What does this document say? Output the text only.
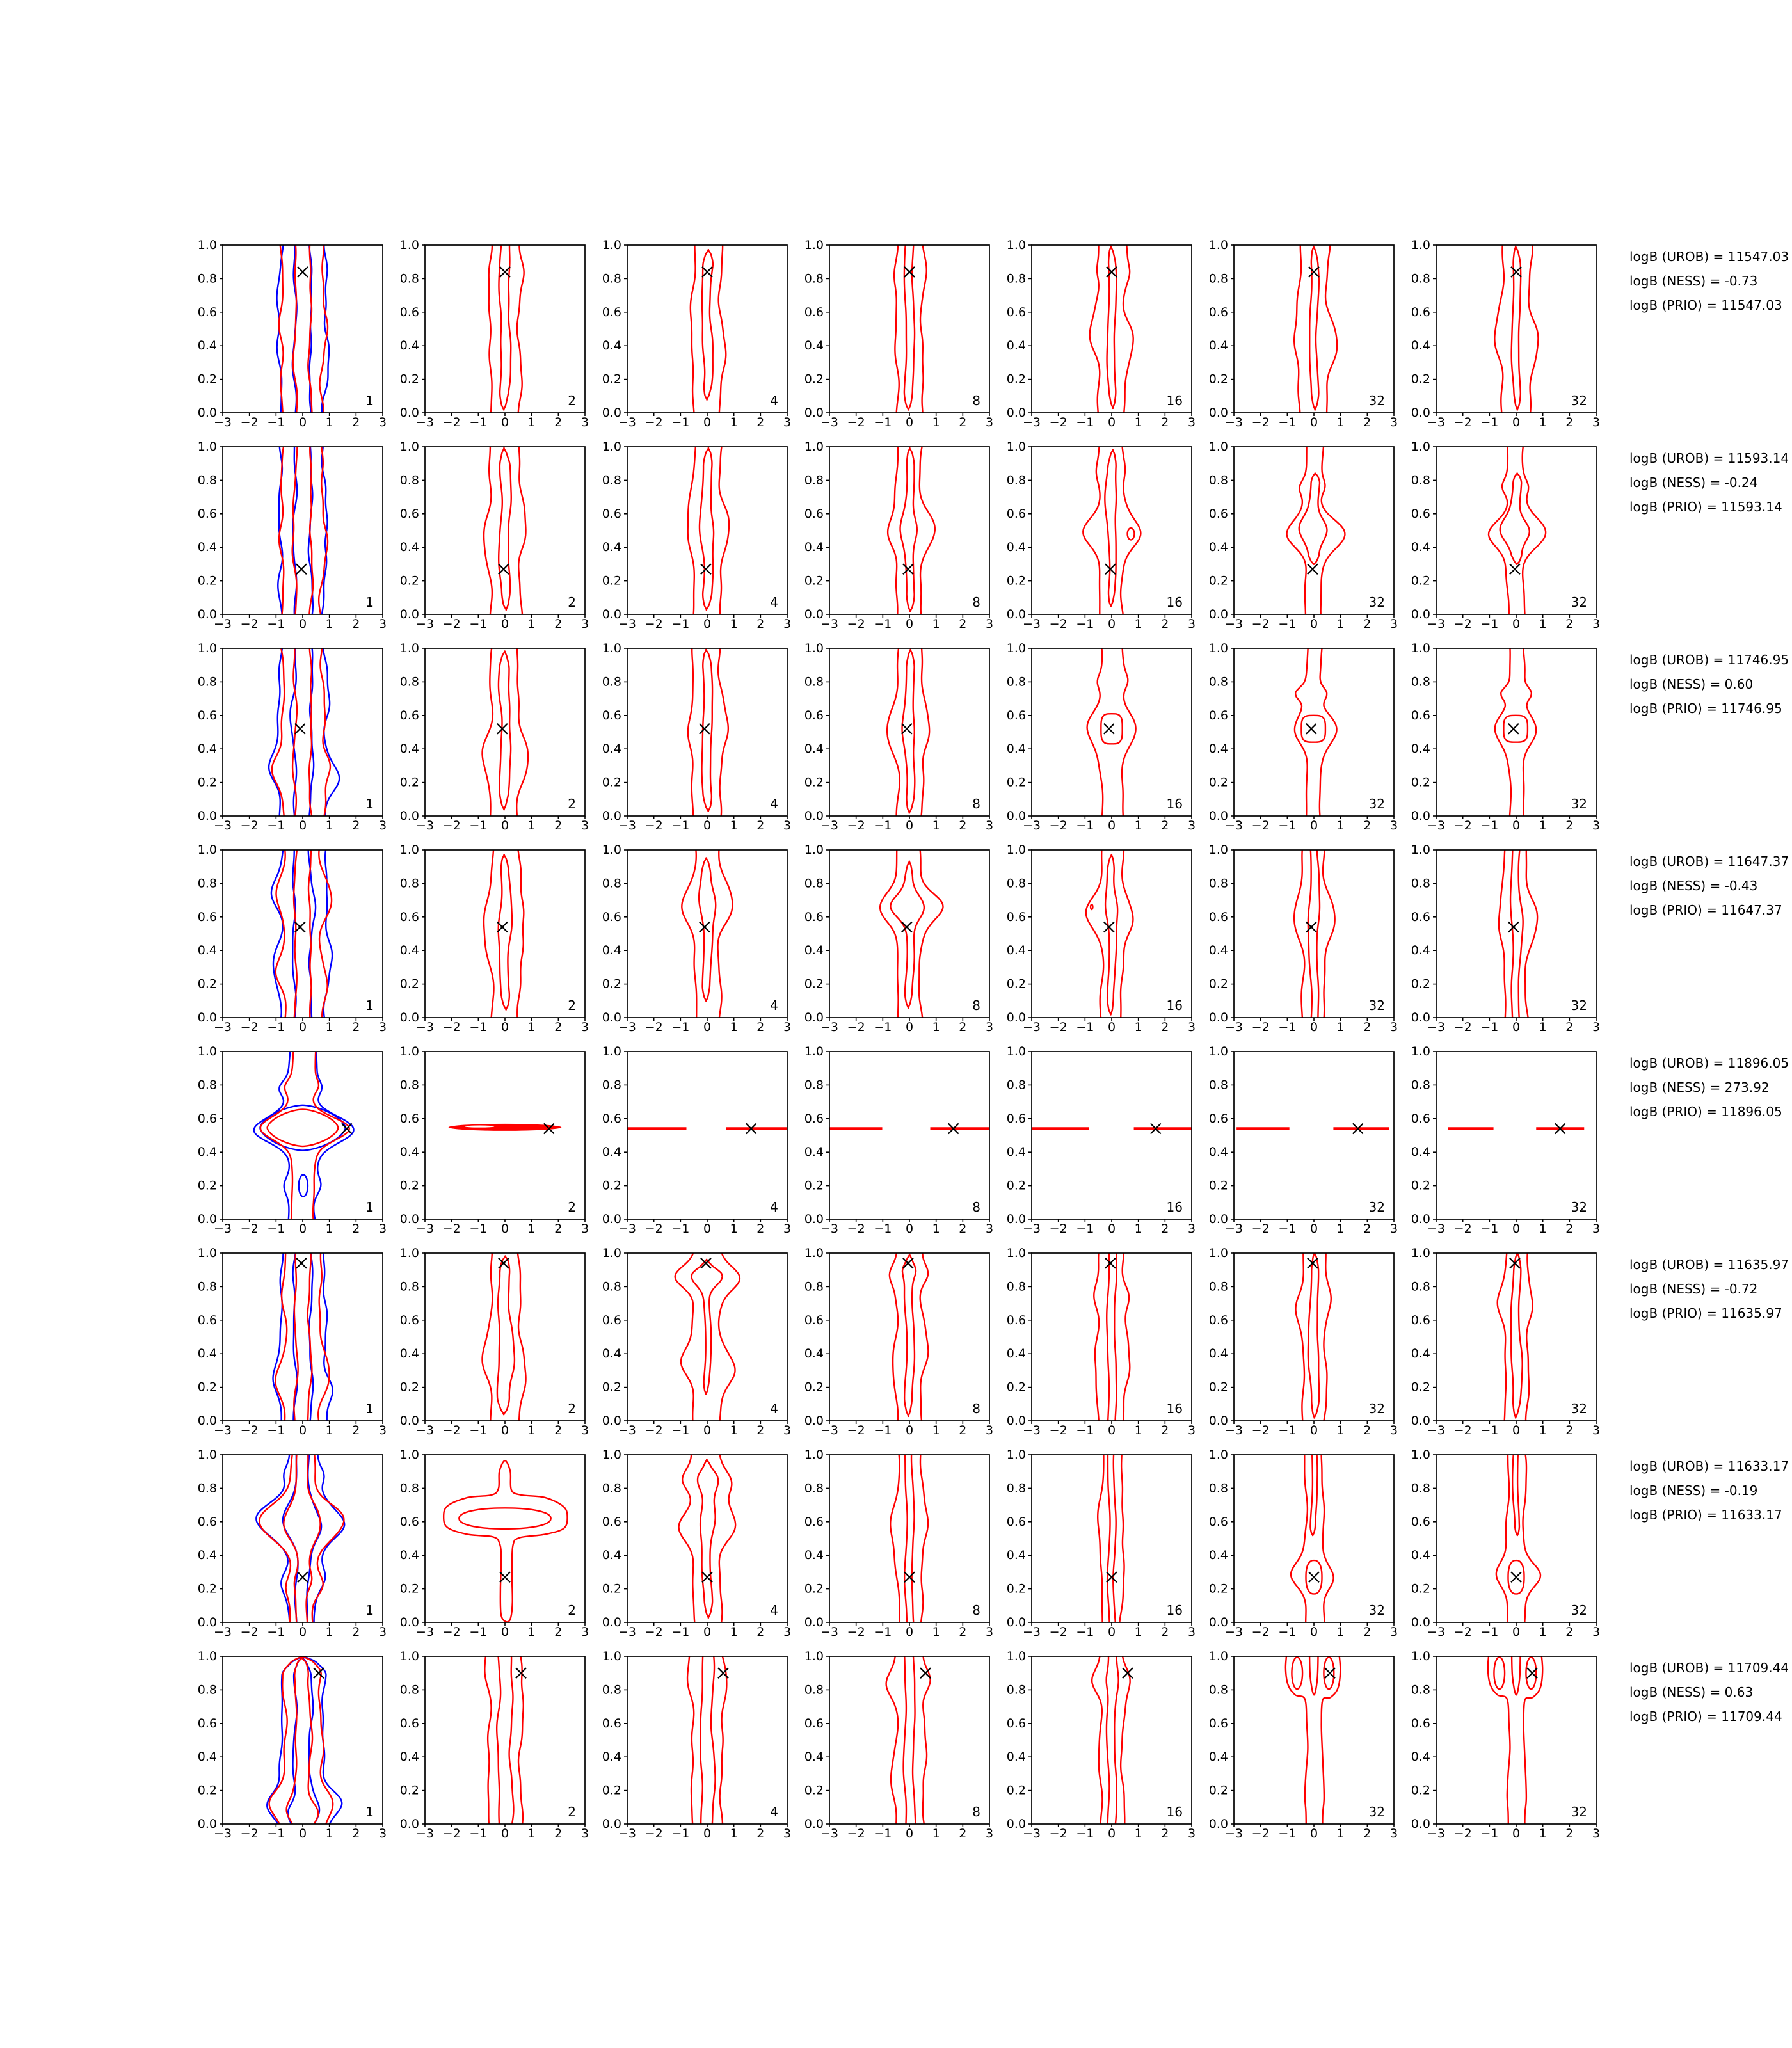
−3 −2 −1 0 1 2 3
1.0
0.8
0.6
0.4
0.2
0.0
1
−3 −2 −1 0 1 2 3
1.0
0.8
0.6
0.4
0.2
0.0
2
−3 −2 −1 0 1 2 3
1.0
0.8
0.6
0.4
0.2
0.0
4
−3 −2 −1 0 1 2 3
1.0
0.8
0.6
0.4
0.2
0.0
8
−3 −2 −1 0 1 2 3
1.0
0.8
0.6
0.4
0.2
0.0
16
−3 −2 −1 0 1 2 3
1.0
0.8
0.6
0.4
0.2
0.0
32
−3 −2 −1 0 1 2 3
1.0
0.8
0.6
0.4
0.2
0.0
32
−3 −2 −1 0 1 2 3
1.0
0.8
0.6
0.4
0.2
0.0
1
−3 −2 −1 0 1 2 3
1.0
0.8
0.6
0.4
0.2
0.0
2
−3 −2 −1 0 1 2 3
1.0
0.8
0.6
0.4
0.2
0.0
4
−3 −2 −1 0 1 2 3
1.0
0.8
0.6
0.4
0.2
0.0
8
−3 −2 −1 0 1 2 3
1.0
0.8
0.6
0.4
0.2
0.0
16
−3 −2 −1 0 1 2 3
1.0
0.8
0.6
0.4
0.2
0.0
32
−3 −2 −1 0 1 2 3
1.0
0.8
0.6
0.4
0.2
0.0
32
−3 −2 −1 0 1 2 3
1.0
0.8
0.6
0.4
0.2
0.0
1
−3 −2 −1 0 1 2 3
1.0
0.8
0.6
0.4
0.2
0.0
2
−3 −2 −1 0 1 2 3
1.0
0.8
0.6
0.4
0.2
0.0
4
−3 −2 −1 0 1 2 3
1.0
0.8
0.6
0.4
0.2
0.0
8
−3 −2 −1 0 1 2 3
1.0
0.8
0.6
0.4
0.2
0.0
16
−3 −2 −1 0 1 2 3
1.0
0.8
0.6
0.4
0.2
0.0
32
−3 −2 −1 0 1 2 3
1.0
0.8
0.6
0.4
0.2
0.0
32
−3 −2 −1 0 1 2 3
1.0
0.8
0.6
0.4
0.2
0.0
1
−3 −2 −1 0 1 2 3
1.0
0.8
0.6
0.4
0.2
0.0
2
−3 −2 −1 0 1 2 3
1.0
0.8
0.6
0.4
0.2
0.0
4
−3 −2 −1 0 1 2 3
1.0
0.8
0.6
0.4
0.2
0.0
8
−3 −2 −1 0 1 2 3
1.0
0.8
0.6
0.4
0.2
0.0
16
−3 −2 −1 0 1 2 3
1.0
0.8
0.6
0.4
0.2
0.0
32
−3 −2 −1 0 1 2 3
1.0
0.8
0.6
0.4
0.2
0.0
32
−3 −2 −1 0 1 2 3
1.0
0.8
0.6
0.4
0.2
0.0
1
−3 −2 −1 0 1 2 3
1.0
0.8
0.6
0.4
0.2
0.0
2
−3 −2 −1 0 1 2 3
1.0
0.8
0.6
0.4
0.2
0.0
4
−3 −2 −1 0 1 2 3
1.0
0.8
0.6
0.4
0.2
0.0
8
−3 −2 −1 0 1 2 3
1.0
0.8
0.6
0.4
0.2
0.0
16
−3 −2 −1 0 1 2 3
1.0
0.8
0.6
0.4
0.2
0.0
32
−3 −2 −1 0 1 2 3
1.0
0.8
0.6
0.4
0.2
0.0
32
−3 −2 −1 0 1 2 3
1.0
0.8
0.6
0.4
0.2
0.0
1
−3 −2 −1 0 1 2 3
1.0
0.8
0.6
0.4
0.2
0.0
2
−3 −2 −1 0 1 2 3
1.0
0.8
0.6
0.4
0.2
0.0
4
−3 −2 −1 0 1 2 3
1.0
0.8
0.6
0.4
0.2
0.0
8
−3 −2 −1 0 1 2 3
1.0
0.8
0.6
0.4
0.2
0.0
16
−3 −2 −1 0 1 2 3
1.0
0.8
0.6
0.4
0.2
0.0
32
−3 −2 −1 0 1 2 3
1.0
0.8
0.6
0.4
0.2
0.0
32
−3 −2 −1 0 1 2 3
1.0
0.8
0.6
0.4
0.2
0.0
1
−3 −2 −1 0 1 2 3
1.0
0.8
0.6
0.4
0.2
0.0
2
−3 −2 −1 0 1 2 3
1.0
0.8
0.6
0.4
0.2
0.0
4
−3 −2 −1 0 1 2 3
1.0
0.8
0.6
0.4
0.2
0.0
8
−3 −2 −1 0 1 2 3
1.0
0.8
0.6
0.4
0.2
0.0
16
−3 −2 −1 0 1 2 3
1.0
0.8
0.6
0.4
0.2
0.0
32
−3 −2 −1 0 1 2 3
1.0
0.8
0.6
0.4
0.2
0.0
32
−3 −2 −1 0 1 2 3
1.0
0.8
0.6
0.4
0.2
0.0
1
−3 −2 −1 0 1 2 3
1.0
0.8
0.6
0.4
0.2
0.0
2
−3 −2 −1 0 1 2 3
1.0
0.8
0.6
0.4
0.2
0.0
4
−3 −2 −1 0 1 2 3
1.0
0.8
0.6
0.4
0.2
0.0
8
−3 −2 −1 0 1 2 3
1.0
0.8
0.6
0.4
0.2
0.0
16
−3 −2 −1 0 1 2 3
1.0
0.8
0.6
0.4
0.2
0.0
32
−3 −2 −1 0 1 2 3
1.0
0.8
0.6
0.4
0.2
0.0
32
logB (UROB) = 11547.03
logB (NESS) = -0.73
logB (PRIO) = 11547.03
logB (UROB) = 11593.14
logB (NESS) = -0.24
logB (PRIO) = 11593.14
logB (UROB) = 11746.95
logB (NESS) = 0.60
logB (PRIO) = 11746.95
logB (UROB) = 11647.37
logB (NESS) = -0.43
logB (PRIO) = 11647.37
logB (UROB) = 11896.05
logB (NESS) = 273.92
logB (PRIO) = 11896.05
logB (UROB) = 11635.97
logB (NESS) = -0.72
logB (PRIO) = 11635.97
logB (UROB) = 11633.17
logB (NESS) = -0.19
logB (PRIO) = 11633.17
logB (UROB) = 11709.44
logB (NESS) = 0.63
logB (PRIO) = 11709.44
